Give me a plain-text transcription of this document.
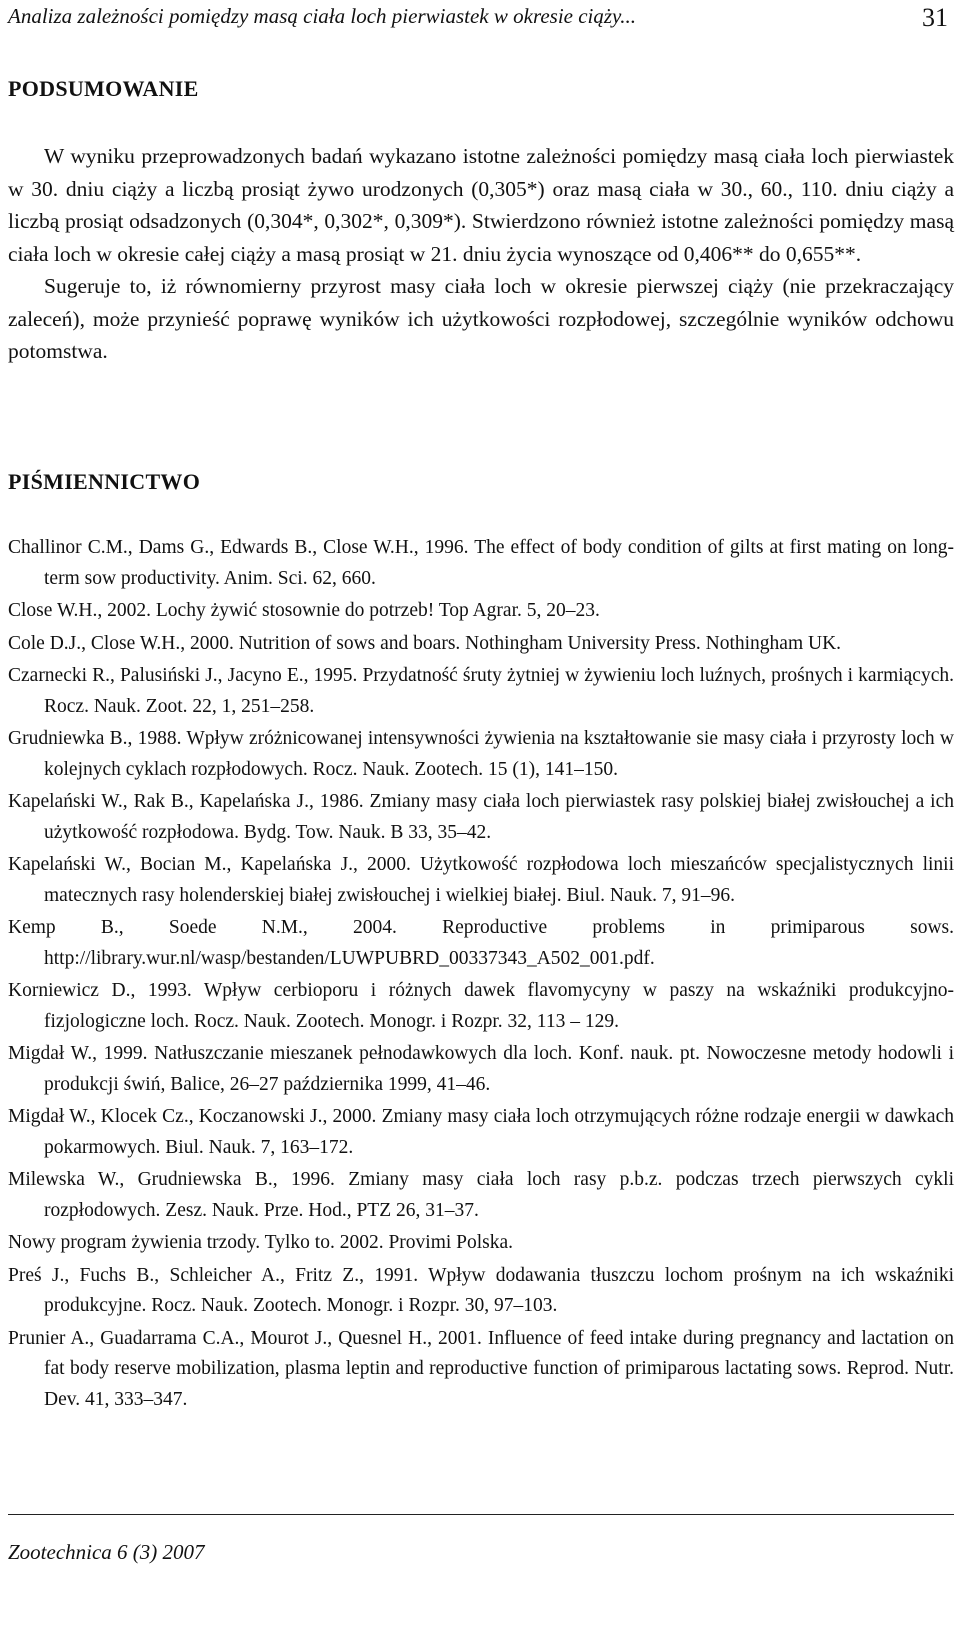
Analiza zależności pomiędzy masą ciała loch pierwiastek w okresie ciąży...	31
PODSUMOWANIE

W wyniku przeprowadzonych badań wykazano istotne zależności pomiędzy masą ciała loch pierwiastek w 30. dniu ciąży a liczbą prosiąt żywo urodzonych (0,305*) oraz masą ciała w 30., 60., 110. dniu ciąży a liczbą prosiąt odsadzonych (0,304*, 0,302*, 0,309*). Stwierdzono również istotne zależności pomiędzy masą ciała loch w okresie całej ciąży a masą prosiąt w 21. dniu życia wynoszące od 0,406** do 0,655**.

Sugeruje to, iż równomierny przyrost masy ciała loch w okresie pierwszej ciąży (nie przekraczający zaleceń), może przynieść poprawę wyników ich użytkowości rozpłodowej, szczególnie wyników odchowu potomstwa.

PIŚMIENNICTWO
Challinor C.M., Dams G., Edwards B., Close W.H., 1996. The effect of body condition of gilts at first mating on long-term sow productivity. Anim. Sci. 62, 660.
Close W.H., 2002. Lochy żywić stosownie do potrzeb! Top Agrar. 5, 20–23.
Cole D.J., Close W.H., 2000. Nutrition of sows and boars. Nothingham University Press. Nothingham UK.
Czarnecki R., Palusiński J., Jacyno E., 1995. Przydatność śruty żytniej w żywieniu loch luźnych, prośnych i karmiących. Rocz. Nauk. Zoot. 22, 1, 251–258.
Grudniewka B., 1988. Wpływ zróżnicowanej intensywności żywienia na kształtowanie sie masy ciała i przyrosty loch w kolejnych cyklach rozpłodowych. Rocz. Nauk. Zootech. 15 (1), 141–150.
Kapelański W., Rak B., Kapelańska J., 1986. Zmiany masy ciała loch pierwiastek rasy polskiej białej zwisłouchej a ich użytkowość rozpłodowa. Bydg. Tow. Nauk. B 33, 35–42.
Kapelański W., Bocian M., Kapelańska J., 2000. Użytkowość rozpłodowa loch mieszańców specjalistycznych linii matecznych rasy holenderskiej białej zwisłouchej i wielkiej białej. Biul. Nauk. 7, 91–96.
Kemp B., Soede N.M., 2004. Reproductive problems in primiparous sows. http://library.wur.nl/wasp/bestanden/LUWPUBRD_00337343_A502_001.pdf.
Korniewicz D., 1993. Wpływ cerbioporu i różnych dawek flavomycyny w paszy na wskaźniki produkcyjno-fizjologiczne loch. Rocz. Nauk. Zootech. Monogr. i Rozpr. 32, 113 – 129.
Migdał W., 1999. Natłuszczanie mieszanek pełnodawkowych dla loch. Konf. nauk. pt. Nowoczesne metody hodowli i produkcji świń, Balice, 26–27 października 1999, 41–46.
Migdał W., Klocek Cz., Koczanowski J., 2000. Zmiany masy ciała loch otrzymujących różne rodzaje energii w dawkach pokarmowych. Biul. Nauk. 7, 163–172.
Milewska W., Grudniewska B., 1996. Zmiany masy ciała loch rasy p.b.z. podczas trzech pierwszych cykli rozpłodowych. Zesz. Nauk. Prze. Hod., PTZ 26, 31–37.
Nowy program żywienia trzody. Tylko to. 2002. Provimi Polska.
Preś J., Fuchs B., Schleicher A., Fritz Z., 1991. Wpływ dodawania tłuszczu lochom prośnym na ich wskaźniki produkcyjne. Rocz. Nauk. Zootech. Monogr. i Rozpr. 30, 97–103.
Prunier A., Guadarrama C.A., Mourot J., Quesnel H., 2001. Influence of feed intake during pregnancy and lactation on fat body reserve mobilization, plasma leptin and reproductive function of primiparous lactating sows. Reprod. Nutr. Dev. 41, 333–347.
Zootechnica 6 (3) 2007
